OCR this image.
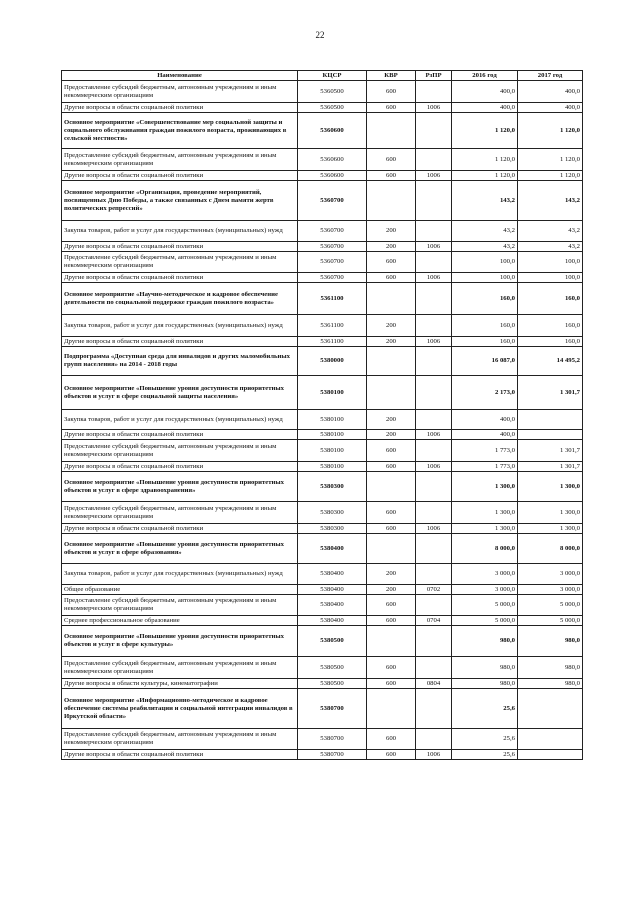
22
Наименование	КЦСР	КВР	РзПР	2016 год	2017 год
Предоставление субсидий бюджетным, автономным учреждениям и иным некоммерческим организациям	5360500	600		400,0	400,0
Другие вопросы в области социальной политики	5360500	600	1006	400,0	400,0
Основное мероприятие «Совершенствование мер социальной защиты и социального обслуживания граждан пожилого возраста, проживающих в сельской местности»	5360600			1 120,0	1 120,0
Предоставление субсидий бюджетным, автономным учреждениям и иным некоммерческим организациям	5360600	600		1 120,0	1 120,0
Другие вопросы в области социальной политики	5360600	600	1006	1 120,0	1 120,0
Основное мероприятие «Организация, проведение мероприятий, посвященных Дню Победы, а также связанных с Днем памяти жертв политических репрессий»	5360700			143,2	143,2
Закупка товаров, работ и услуг для государственных (муниципальных) нужд	5360700	200		43,2	43,2
Другие вопросы в области социальной политики	5360700	200	1006	43,2	43,2
Предоставление субсидий бюджетным, автономным учреждениям и иным некоммерческим организациям	5360700	600		100,0	100,0
Другие вопросы в области социальной политики	5360700	600	1006	100,0	100,0
Основное мероприятие «Научно-методическое и кадровое обеспечение деятельности по социальной поддержке граждан пожилого возраста»	5361100			160,0	160,0
Закупка товаров, работ и услуг для государственных (муниципальных) нужд	5361100	200		160,0	160,0
Другие вопросы в области социальной политики	5361100	200	1006	160,0	160,0
Подпрограмма «Доступная среда для инвалидов и других маломобильных групп населения» на 2014 - 2018 годы	5380000			16 087,0	14 495,2
Основное мероприятие «Повышение уровня доступности приоритетных объектов и услуг в сфере социальной защиты населения»	5380100			2 173,0	1 301,7
Закупка товаров, работ и услуг для государственных (муниципальных) нужд	5380100	200		400,0	
Другие вопросы в области социальной политики	5380100	200	1006	400,0	
Предоставление субсидий бюджетным, автономным учреждениям и иным некоммерческим организациям	5380100	600		1 773,0	1 301,7
Другие вопросы в области социальной политики	5380100	600	1006	1 773,0	1 301,7
Основное мероприятие «Повышение уровня доступности приоритетных объектов и услуг в сфере здравоохранения»	5380300			1 300,0	1 300,0
Предоставление субсидий бюджетным, автономным учреждениям и иным некоммерческим организациям	5380300	600		1 300,0	1 300,0
Другие вопросы в области социальной политики	5380300	600	1006	1 300,0	1 300,0
Основное мероприятие «Повышение уровня доступности приоритетных объектов и услуг в сфере образования»	5380400			8 000,0	8 000,0
Закупка товаров, работ и услуг для государственных (муниципальных) нужд	5380400	200		3 000,0	3 000,0
Общее образование	5380400	200	0702	3 000,0	3 000,0
Предоставление субсидий бюджетным, автономным учреждениям и иным некоммерческим организациям	5380400	600		5 000,0	5 000,0
Среднее профессиональное образование	5380400	600	0704	5 000,0	5 000,0
Основное мероприятие «Повышение уровня доступности приоритетных объектов и услуг в сфере культуры»	5380500			980,0	980,0
Предоставление субсидий бюджетным, автономным учреждениям и иным некоммерческим организациям	5380500	600		980,0	980,0
Другие вопросы в области культуры, кинематографии	5380500	600	0804	980,0	980,0
Основное мероприятие «Информационно-методическое и кадровое обеспечение системы реабилитации и социальной интеграции инвалидов в Иркутской области»	5380700			25,6	
Предоставление субсидий бюджетным, автономным учреждениям и иным некоммерческим организациям	5380700	600		25,6	
Другие вопросы в области социальной политики	5380700	600	1006	25,6	
